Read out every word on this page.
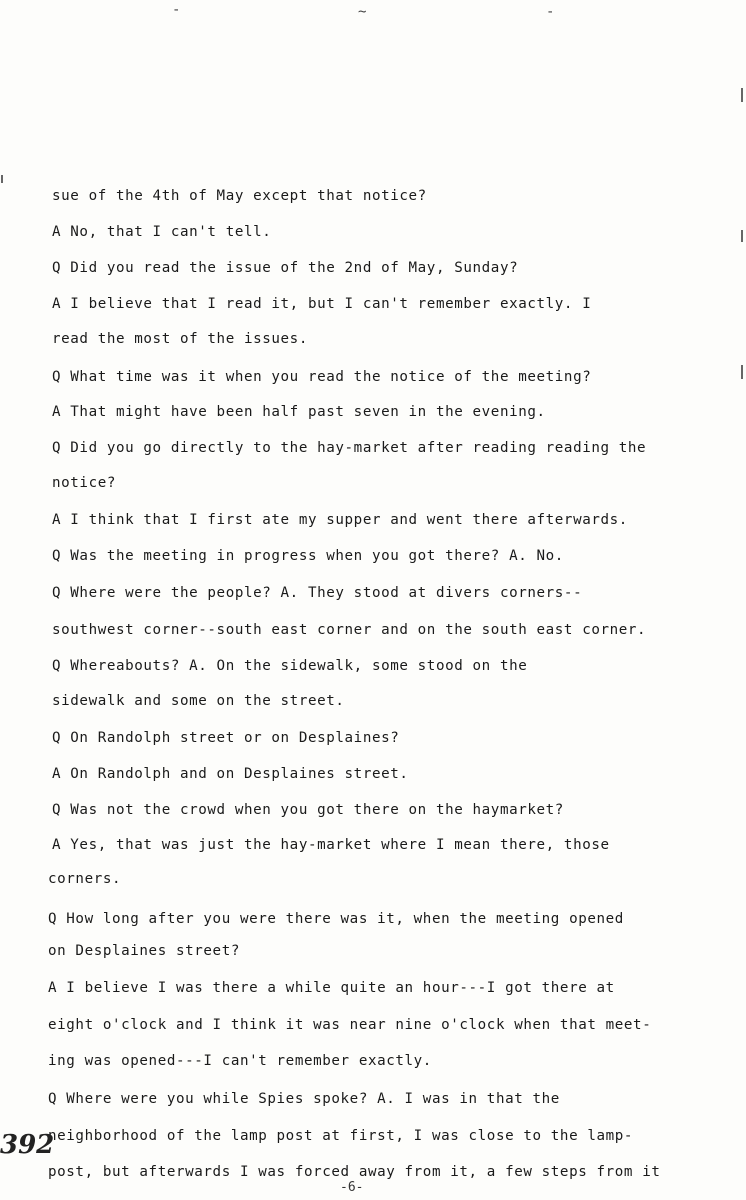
-	~	-
sue of the 4th of May except that notice?
A No, that I can't tell.
Q Did you read the issue of the 2nd of May, Sunday?
A I believe that I read it, but I can't remember exactly. I
read the most of the issues.
Q What time was it when you read the notice of the meeting?
A That might have been half past seven in the evening.
Q Did you go directly to the hay-market after reading reading the
notice?
A I think that I first ate my supper and went there afterwards.
Q Was the meeting in progress when you got there? A. No.
Q Where were the people? A. They stood at divers corners--
southwest corner--south east corner and on the south east corner.
Q Whereabouts? A. On the sidewalk, some stood on the
sidewalk and some on the street.
Q On Randolph street or on Desplaines?
A On Randolph and on Desplaines street.
Q Was not the crowd when you got there on the haymarket?
A Yes, that was just the hay-market where I mean there, those
corners.
Q How long after you were there was it, when the meeting opened
on Desplaines street?
A I believe I was there a while quite an hour---I got there at
eight o'clock and I think it was near nine o'clock when that meet-
ing was opened---I can't remember exactly.
Q Where were you while Spies spoke? A. I was in that the
neighborhood of the lamp post at first, I was close to the lamp-
post, but afterwards I was forced away from it, a few steps from it
392
-6-
